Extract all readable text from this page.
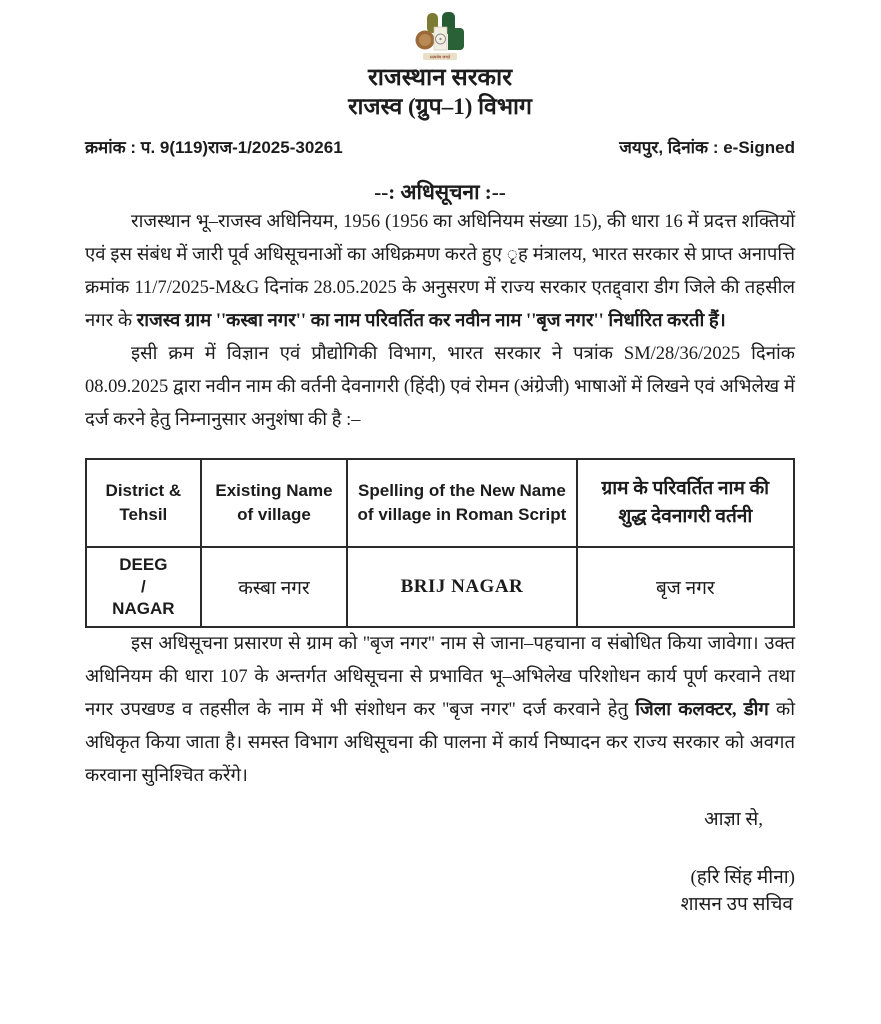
सत्यमेव जयते
राजस्थान सरकार
राजस्व (ग्रुप–1) विभाग
क्रमांक : प. 9(119)राज-1/2025-30261	जयपुर, दिनांक : e-Signed
--: अधिसूचना :--

राजस्थान भू–राजस्व अधिनियम, 1956 (1956 का अधिनियम संख्या 15), की धारा 16 में प्रदत्त शक्तियों एवं इस संबंध में जारी पूर्व अधिसूचनाओं का अधिक्रमण करते हुए ृह मंत्रालय, भारत सरकार से प्राप्त अनापत्ति क्रमांक 11/7/2025-M&G दिनांक 28.05.2025 के अनुसरण में राज्य सरकार एतद्द्वारा डीग जिले की तहसील नगर के राजस्व ग्राम ''कस्बा नगर'' का नाम परिवर्तित कर नवीन नाम ''बृज नगर'' निर्धारित करती हैं।

इसी क्रम में विज्ञान एवं प्रौद्योगिकी विभाग, भारत सरकार ने पत्रांक SM/28/36/2025 दिनांक 08.09.2025 द्वारा नवीन नाम की वर्तनी देवनागरी (हिंदी) एवं रोमन (अंग्रेजी) भाषाओं में लिखने एवं अभिलेख में दर्ज करने हेतु निम्नानुसार अनुशंषा की है :–

District & Tehsil	Existing Name of village	Spelling of the New Name of village in Roman Script	ग्राम के परिवर्तित नाम की शुद्ध देवनागरी वर्तनी

DEEG
/
NAGAR	कस्बा नगर	BRIJ NAGAR	बृज नगर

इस अधिसूचना प्रसारण से ग्राम को ''बृज नगर'' नाम से जाना–पहचाना व संबोधित किया जावेगा। उक्त अधिनियम की धारा 107 के अन्तर्गत अधिसूचना से प्रभावित भू–अभिलेख परिशोधन कार्य पूर्ण करवाने तथा नगर उपखण्ड व तहसील के नाम में भी संशोधन कर ''बृज नगर'' दर्ज करवाने हेतु जिला कलक्टर, डीग को अधिकृत किया जाता है। समस्त विभाग अधिसूचना की पालना में कार्य निष्पादन कर राज्य सरकार को अवगत करवाना सुनिश्चित करेंगे।

आज्ञा से,
(हरि सिंह मीना)
शासन उप सचिव
